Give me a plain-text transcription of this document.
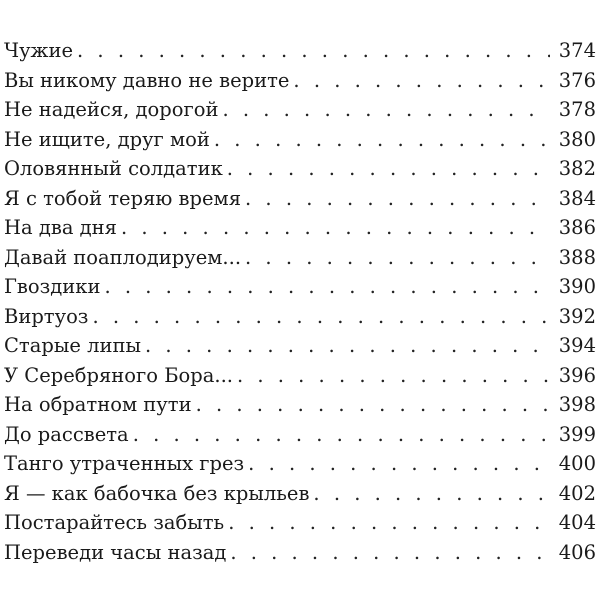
Чужие . . .	374
Вы никому давно не верите . . .	376
Не надейся, дорогой . . .	378
Не ищите, друг мой . . .	380
Оловянный солдатик . . .	382
Я с тобой теряю время . . .	384
На два дня . . .	386
Давай поаплодируем... . . .	388
Гвоздики . . .	390
Виртуоз . . .	392
Старые липы . . .	394
У Серебряного Бора... . . .	396
На обратном пути . . .	398
До рассвета . . .	399
Танго утраченных грез . . .	400
Я — как бабочка без крыльев . . .	402
Постарайтесь забыть . . .	404
Переведи часы назад . . .	406
